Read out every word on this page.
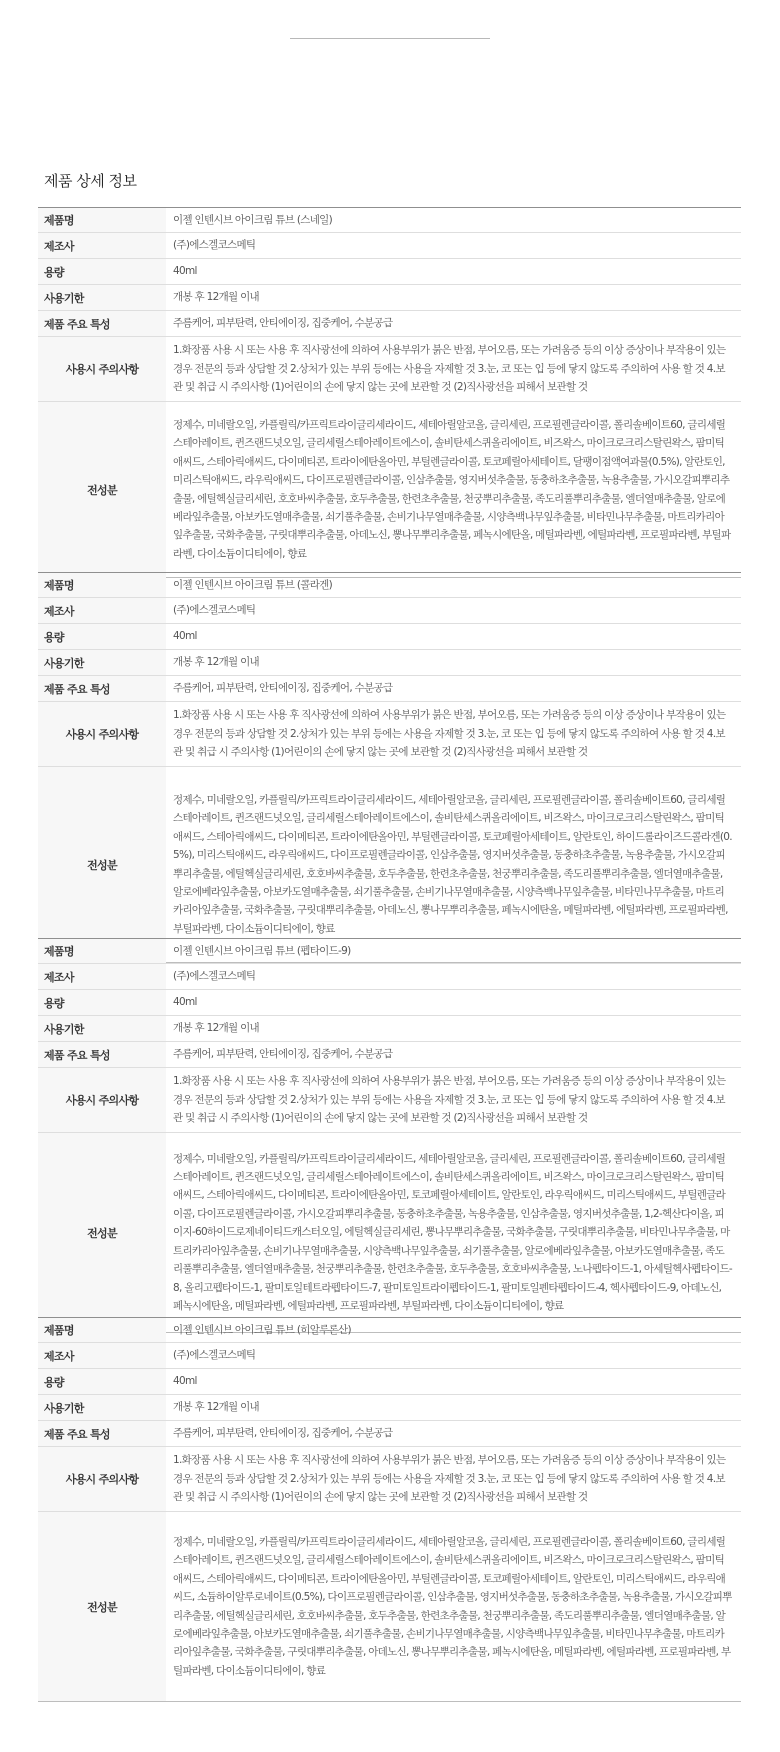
제품 상세 정보
제품명	이젤 인텐시브 아이크림 튜브 (스네일)
제조사	(주)에스겔코스메틱
용량	40ml
사용기한	개봉 후 12개월 이내
제품 주요 특성	주름케어, 피부탄력, 안티에이징, 집중케어, 수분공급
사용시 주의사항	1.화장품 사용 시 또는 사용 후 직사광선에 의하여 사용부위가 붉은 반점, 부어오름, 또는 가려움증 등의 이상 증상이나 부작용이 있는 경우 전문의 등과 상담할 것 2.상처가 있는 부위 등에는 사용을 자제할 것 3.눈, 코 또는 입 등에 닿지 않도록 주의하여 사용 할 것 4.보관 및 취급 시 주의사항 (1)어린이의 손에 닿지 않는 곳에 보관할 것 (2)직사광선을 피해서 보관할 것
전성분	정제수, 미네랄오일, 카플릴릭/카프릭트라이글리세라이드, 세테아릴알코올, 글리세린, 프로필렌글라이콜, 폴리솔베이트60, 글리세릴스테아레이트, 퀸즈랜드넛오일, 글리세릴스테아레이트에스이, 솔비탄세스퀴올리에이트, 비즈왁스, 마이크로크리스탈린왁스, 팜미틱애씨드, 스테아릭애씨드, 다이메티콘, 트라이에탄올아민, 부틸렌글라이콜, 토코페릴아세테이트, 달팽이점액여과물(0.5%), 알란토인, 미리스틱애씨드, 라우릭애씨드, 다이프로필렌글라이콜, 인삼추출물, 영지버섯추출물, 동충하초추출물, 녹용추출물, 가시오갈피뿌리추출물, 에틸헥실글리세린, 호호바씨추출물, 호두추출물, 한련초추출물, 천궁뿌리추출물, 족도리풀뿌리추출물, 엘더열매추출물, 알로에베라잎추출물, 아보카도열매추출물, 쇠기풀추출물, 손비기나무열매추출물, 시양측백나무잎추출물, 비타민나무추출물, 마트리카리아잎추출물, 국화추출물, 구릿대뿌리추출물, 아데노신, 뽕나무뿌리추출물, 페녹시에탄올, 메틸파라벤, 에틸파라벤, 프로필파라벤, 부틸파라벤, 다이소듐이디티에이, 향료
제품명	이젤 인텐시브 아이크림 튜브 (콜라겐)
제조사	(주)에스겔코스메틱
용량	40ml
사용기한	개봉 후 12개월 이내
제품 주요 특성	주름케어, 피부탄력, 안티에이징, 집중케어, 수분공급
사용시 주의사항	1.화장품 사용 시 또는 사용 후 직사광선에 의하여 사용부위가 붉은 반점, 부어오름, 또는 가려움증 등의 이상 증상이나 부작용이 있는 경우 전문의 등과 상담할 것 2.상처가 있는 부위 등에는 사용을 자제할 것 3.눈, 코 또는 입 등에 닿지 않도록 주의하여 사용 할 것 4.보관 및 취급 시 주의사항 (1)어린이의 손에 닿지 않는 곳에 보관할 것 (2)직사광선을 피해서 보관할 것
전성분	정제수, 미네랄오일, 카플릴릭/카프릭트라이글리세라이드, 세테아릴알코올, 글리세린, 프로필렌글라이콜, 폴리솔베이트60, 글리세릴스테아레이트, 퀸즈랜드넛오일, 글리세릴스테아레이트에스이, 솔비탄세스퀴올리에이트, 비즈왁스, 마이크로크리스탈린왁스, 팜미틱애씨드, 스테아릭애씨드, 다이메티콘, 트라이에탄올아민, 부틸렌글라이콜, 토코페릴아세테이트, 알란토인, 하이드롤라이즈드콜라겐(0.5%), 미리스틱애씨드, 라우릭애씨드, 다이프로필렌글라이콜, 인삼추출물, 영지버섯추출물, 동충하초추출물, 녹용추출물, 가시오갈피뿌리추출물, 에틸헥실글리세린, 호호바씨추출물, 호두추출물, 한련초추출물, 천궁뿌리추출물, 족도리풀뿌리추출물, 엘더열매추출물, 알로에베라잎추출물, 아보카도열매추출물, 쇠기풀추출물, 손비기나무열매추출물, 시양측백나무잎추출물, 비타민나무추출물, 마트리카리아잎추출물, 국화추출물, 구릿대뿌리추출물, 아데노신, 뽕나무뿌리추출물, 페녹시에탄올, 메틸파라벤, 에틸파라벤, 프로필파라벤, 부틸파라벤, 다이소듐이디티에이, 향료
제품명	이젤 인텐시브 아이크림 튜브 (펩타이드-9)
제조사	(주)에스겔코스메틱
용량	40ml
사용기한	개봉 후 12개월 이내
제품 주요 특성	주름케어, 피부탄력, 안티에이징, 집중케어, 수분공급
사용시 주의사항	1.화장품 사용 시 또는 사용 후 직사광선에 의하여 사용부위가 붉은 반점, 부어오름, 또는 가려움증 등의 이상 증상이나 부작용이 있는 경우 전문의 등과 상담할 것 2.상처가 있는 부위 등에는 사용을 자제할 것 3.눈, 코 또는 입 등에 닿지 않도록 주의하여 사용 할 것 4.보관 및 취급 시 주의사항 (1)어린이의 손에 닿지 않는 곳에 보관할 것 (2)직사광선을 피해서 보관할 것
전성분	정제수, 미네랄오일, 카플릴릭/카프릭트라이글리세라이드, 세테아릴알코올, 글리세린, 프로필렌글라이콜, 폴리솔베이트60, 글리세릴스테아레이트, 퀸즈랜드넛오일, 글리세릴스테아레이트에스이, 솔비탄세스퀴올리에이트, 비즈왁스, 마이크로크리스탈린왁스, 팜미틱애씨드, 스테아릭애씨드, 다이메티콘, 트라이에탄올아민, 토코페릴아세테이트, 알란토인, 라우릭애씨드, 미리스틱애씨드, 부틸렌글라이콜, 다이프로필렌글라이콜, 가시오갈피뿌리추출물, 동충하초추출물, 녹용추출물, 인삼추출물, 영지버섯추출물, 1,2-헥산다이올, 피이지-60하이드로제네이티드캐스터오일, 에틸헥실글리세린, 뽕나무뿌리추출물, 국화추출물, 구릿대뿌리추출물, 비타민나무추출물, 마트리카리아잎추출물, 손비기나무열매추출물, 시양측백나무잎추출물, 쇠기풀추출물, 알로에베라잎추출물, 아보카도열매추출물, 족도리풀뿌리추출물, 엘더열매추출물, 천궁뿌리추출물, 한련초추출물, 호두추출물, 호호바씨추출물, 노나펩타이드-1, 아세틸헥사펩타이드-8, 올리고펩타이드-1, 팔미토일테트라펩타이드-7, 팔미토일트라이펩타이드-1, 팔미토일펜타펩타이드-4, 헥사펩타이드-9, 아데노신, 페녹시에탄올, 메틸파라벤, 에틸파라벤, 프로필파라벤, 부틸파라벤, 다이소듐이디티에이, 향료
제품명	이젤 인텐시브 아이크림 튜브 (히알루론산)
제조사	(주)에스겔코스메틱
용량	40ml
사용기한	개봉 후 12개월 이내
제품 주요 특성	주름케어, 피부탄력, 안티에이징, 집중케어, 수분공급
사용시 주의사항	1.화장품 사용 시 또는 사용 후 직사광선에 의하여 사용부위가 붉은 반점, 부어오름, 또는 가려움증 등의 이상 증상이나 부작용이 있는 경우 전문의 등과 상담할 것 2.상처가 있는 부위 등에는 사용을 자제할 것 3.눈, 코 또는 입 등에 닿지 않도록 주의하여 사용 할 것 4.보관 및 취급 시 주의사항 (1)어린이의 손에 닿지 않는 곳에 보관할 것 (2)직사광선을 피해서 보관할 것
전성분	정제수, 미네랄오일, 카플릴릭/카프릭트라이글리세라이드, 세테아릴알코올, 글리세린, 프로필렌글라이콜, 폴리솔베이트60, 글리세릴스테아레이트, 퀸즈랜드넛오일, 글리세릴스테아레이트에스이, 솔비탄세스퀴올리에이트, 비즈왁스, 마이크로크리스탈린왁스, 팜미틱애씨드, 스테아릭애씨드, 다이메티콘, 트라이에탄올아민, 부틸렌글라이콜, 토코페릴아세테이트, 알란토인, 미리스틱애씨드, 라우릭애씨드, 소듐하이알루로네이트(0.5%), 다이프로필렌글라이콜, 인삼추출물, 영지버섯추출물, 동충하초추출물, 녹용추출물, 가시오갈피뿌리추출물, 에틸헥실글리세린, 호호바씨추출물, 호두추출물, 한련초추출물, 천궁뿌리추출물, 족도리풀뿌리추출물, 엘더열매추출물, 알로에베라잎추출물, 아보카도열매추출물, 쇠기풀추출물, 손비기나무열매추출물, 시양측백나무잎추출물, 비타민나무추출물, 마트리카리아잎추출물, 국화추출물, 구릿대뿌리추출물, 아데노신, 뽕나무뿌리추출물, 페녹시에탄올, 메틸파라벤, 에틸파라벤, 프로필파라벤, 부틸파라벤, 다이소듐이디티에이, 향료
